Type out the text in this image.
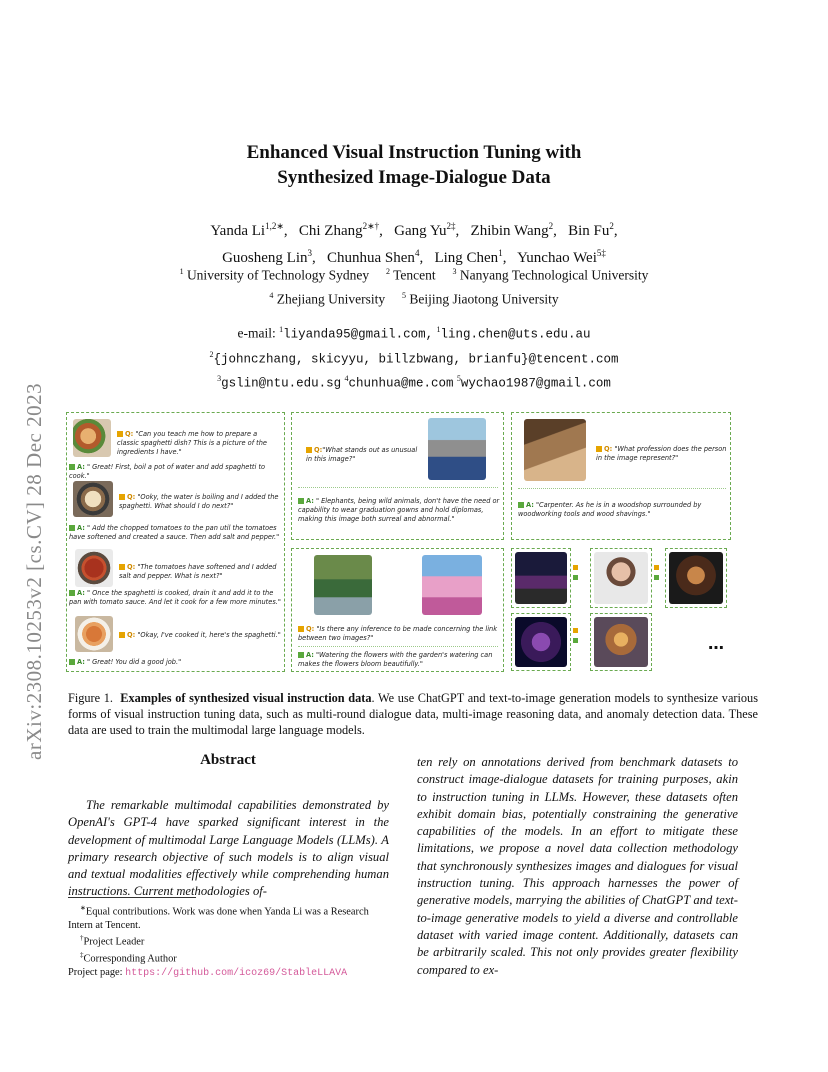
arXiv:2308.10253v2 [cs.CV] 28 Dec 2023
Enhanced Visual Instruction Tuning with
Synthesized Image-Dialogue Data
Yanda $Li^{1,2∗}$,   Chi Zhang$^{2∗\dagger}$,   Gang $Yu^{2\ddagger}$,   Zhibin Wang$^2$,   Bin Fu$^2$,
Guosheng Lin$^3$,   Chunhua Shen$^4$,   Ling Chen$^1$,   Yunchao Wei$^{5\ddagger}$
$^1$ University of Technology Sydney $^2$ Tencent $^3$ Nanyang Technological University
$^4$ Zhejiang University $^5$ Beijing Jiaotong University
e-mail: $^1$liyanda95@gmail.com, $^1$ling.chen@uts.edu.au
$^2${johnczhang, skicyyu, billzbwang, brianfu}@tencent.com
$^3$gslin@ntu.edu.sg $^4$chunhua@me.com $^5$wychao1987@gmail.com
Q: "Can you teach me how to prepare a classic spaghetti dish? This is a picture of the ingredients I have."
A: " Great! First, boil a pot of water and add spaghetti to cook."
Q: "Ooky, the water is boiling and I added the spaghetti. What should I do next?"
A: " Add the chopped tomatoes to the pan util the tomatoes have softened and created a sauce. Then add salt and pepper."
Q: "The tomatoes have softened and I added salt and pepper. What is next?"
A: " Once the spaghetti is cooked, drain it and add it to the pan with tomato sauce. And let it cook for a few more minutes."
Q: "Okay, I've cooked it, here's the spaghetti."
A: " Great! You did a good job."
Q:"What stands out as unusual in this image?"
A: " Elephants, being wild animals, don't have the need or capability to wear graduation gowns and hold diplomas, making this image both surreal and abnormal."
Q: "What profession does the person in the image represent?"
A: "Carpenter. As he is in a woodshop surrounded by woodworking tools and wood shavings."
Q: "Is there any inference to be made concerning the link between two images?"
A: "Watering the flowers with the garden's watering can makes the flowers bloom beautifully."
…
Figure 1. Examples of synthesized visual instruction data. We use ChatGPT and text-to-image generation models to synthesize various forms of visual instruction tuning data, such as multi-round dialogue data, multi-image reasoning data, and anomaly detection data. These data are used to train the multimodal large language models.
Abstract
The remarkable multimodal capabilities demonstrated by OpenAI's GPT-4 have sparked significant interest in the development of multimodal Large Language Models (LLMs). A primary research objective of such models is to align visual and textual modalities effectively while comprehending human instructions. Current methodologies of-
ten rely on annotations derived from benchmark datasets to construct image-dialogue datasets for training purposes, akin to instruction tuning in LLMs. However, these datasets often exhibit domain bias, potentially constraining the generative capabilities of the models. In an effort to mitigate these limitations, we propose a novel data collection methodology that synchronously synthesizes images and dialogues for visual instruction tuning. This approach harnesses the power of generative models, marrying the abilities of ChatGPT and text-to-image generative models to yield a diverse and controllable dataset with varied image content. Additionally, datasets can be arbitrarily scaled. This not only provides greater flexibility compared to ex-
∗Equal contributions. Work was done when Yanda Li was a Research Intern at Tencent.
†Project Leader
‡Corresponding Author
Project page: https://github.com/icoz69/StableLLAVA
